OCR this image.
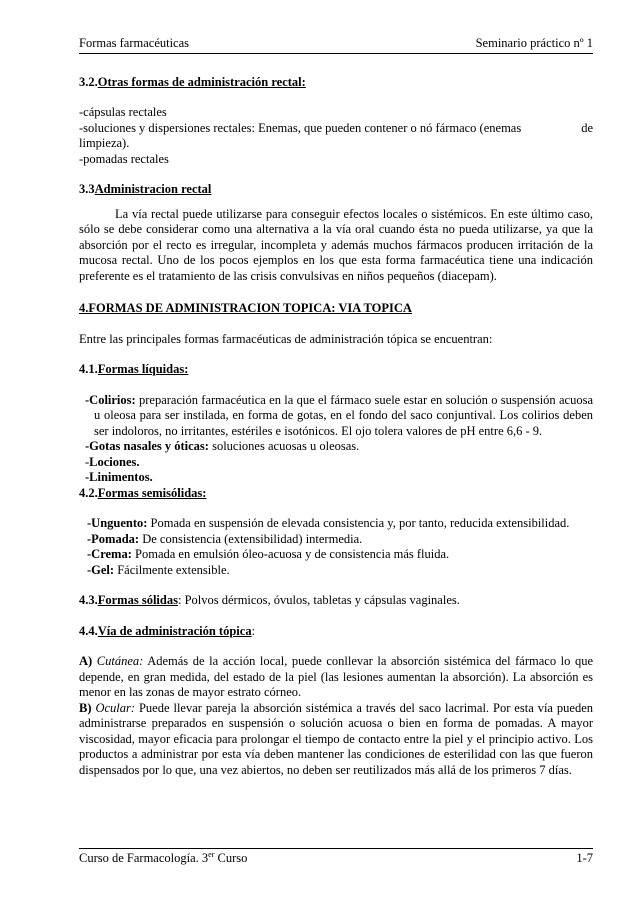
Formas farmacéuticas	Seminario práctico nº 1

3.2.Otras formas de administración rectal:

-cápsulas rectales

-soluciones y dispersiones rectales: Enemas, que pueden contener o nó fármaco (enemas	de

limpieza).

-pomadas rectales

3.3Administracion rectal

La vía rectal puede utilizarse para conseguir efectos locales o sistémicos. En este último caso, sólo se debe considerar como una alternativa a la vía oral cuando ésta no pueda utilizarse, ya que la absorción por el recto es irregular, incompleta y además muchos fármacos producen irritación de la mucosa rectal. Uno de los pocos ejemplos en los que esta forma farmacéutica tiene una indicación preferente es el tratamiento de las crisis convulsivas en niños pequeños (diacepam).

4.FORMAS DE ADMINISTRACION TOPICA: VIA TOPICA

Entre las principales formas farmacéuticas de administración tópica se encuentran:

4.1.Formas líquidas:

-Colirios: preparación farmacéutica en la que el fármaco suele estar en solución o suspensión acuosa u oleosa para ser instilada, en forma de gotas, en el fondo del saco conjuntival. Los colirios deben ser indoloros, no irritantes, estériles e isotónicos. El ojo tolera valores de pH entre 6,6 - 9.

-Gotas nasales y óticas: soluciones acuosas u oleosas.

-Lociones.

-Linimentos.

4.2.Formas semisólidas:

-Unguento: Pomada en suspensión de elevada consistencia y, por tanto, reducida extensibilidad.

-Pomada: De consistencia (extensibilidad) intermedia.

-Crema: Pomada en emulsión óleo-acuosa y de consistencia más fluida.

-Gel: Fácilmente extensible.

4.3.Formas sólidas: Polvos dérmicos, óvulos, tabletas y cápsulas vaginales.

4.4.Vía de administración tópica:

A) Cutánea: Además de la acción local, puede conllevar la absorción sistémica del fármaco lo que depende, en gran medida, del estado de la piel (las lesiones aumentan la absorción). La absorción es menor en las zonas de mayor estrato córneo.

B) Ocular: Puede llevar pareja la absorción sistémica a través del saco lacrimal. Por esta vía pueden administrarse preparados en suspensión o solución acuosa o bien en forma de pomadas. A mayor viscosidad, mayor eficacia para prolongar el tiempo de contacto entre la piel y el principio activo. Los productos a administrar por esta vía deben mantener las condiciones de esterilidad con las que fueron dispensados por lo que, una vez abiertos, no deben ser reutilizados más allá de los primeros 7 días.

Curso de Farmacología. 3er Curso	1-7
